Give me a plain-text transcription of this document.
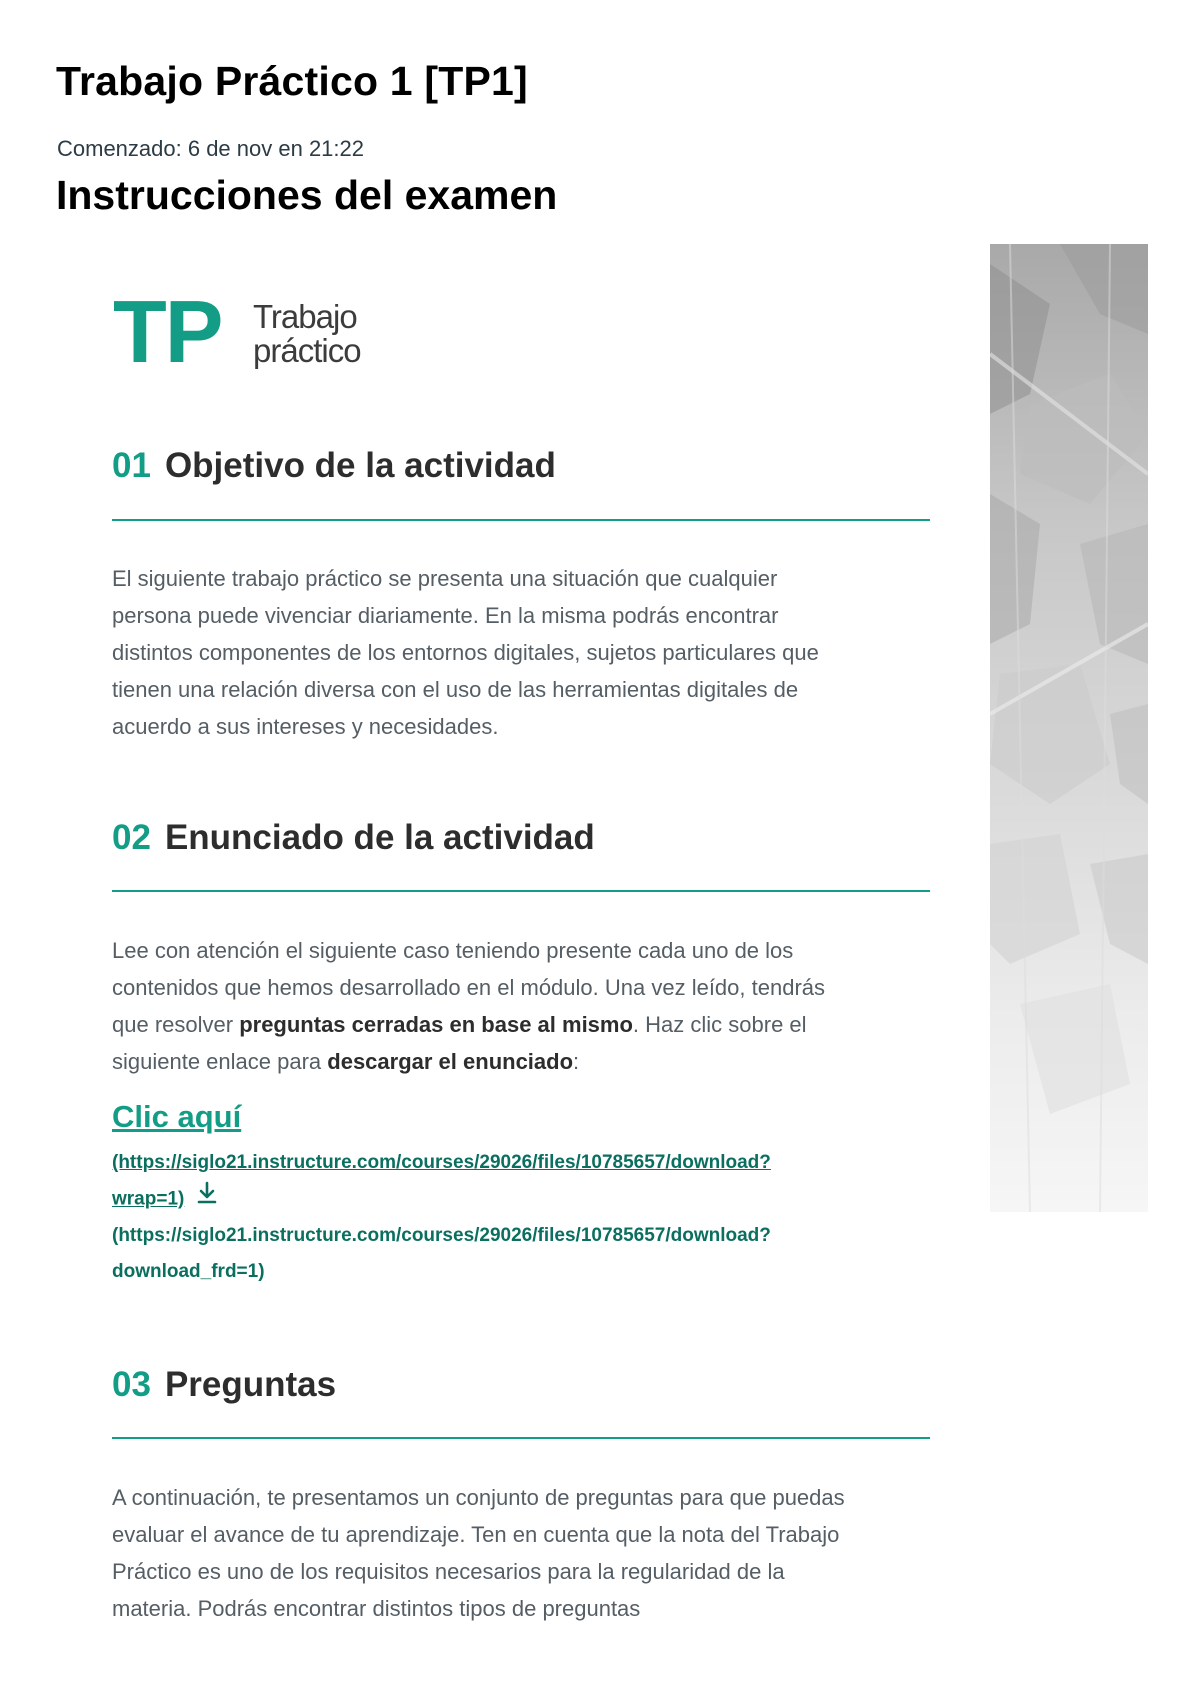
Trabajo Práctico 1 [TP1]
Comenzado: 6 de nov en 21:22
Instrucciones del examen
TP Trabajo
práctico
01 Objetivo de la actividad
El siguiente trabajo práctico se presenta una situación que cualquier
persona puede vivenciar diariamente. En la misma podrás encontrar
distintos componentes de los entornos digitales, sujetos particulares que
tienen una relación diversa con el uso de las herramientas digitales de
acuerdo a sus intereses y necesidades.
02 Enunciado de la actividad
Lee con atención el siguiente caso teniendo presente cada uno de los
contenidos que hemos desarrollado en el módulo. Una vez leído, tendrás
que resolver preguntas cerradas en base al mismo. Haz clic sobre el
siguiente enlace para descargar el enunciado:
Clic aquí
(https://siglo21.instructure.com/courses/29026/files/10785657/download?
wrap=1)
(https://siglo21.instructure.com/courses/29026/files/10785657/download?
download_frd=1)
03 Preguntas
A continuación, te presentamos un conjunto de preguntas para que puedas
evaluar el avance de tu aprendizaje. Ten en cuenta que la nota del Trabajo
Práctico es uno de los requisitos necesarios para la regularidad de la
materia. Podrás encontrar distintos tipos de preguntas
